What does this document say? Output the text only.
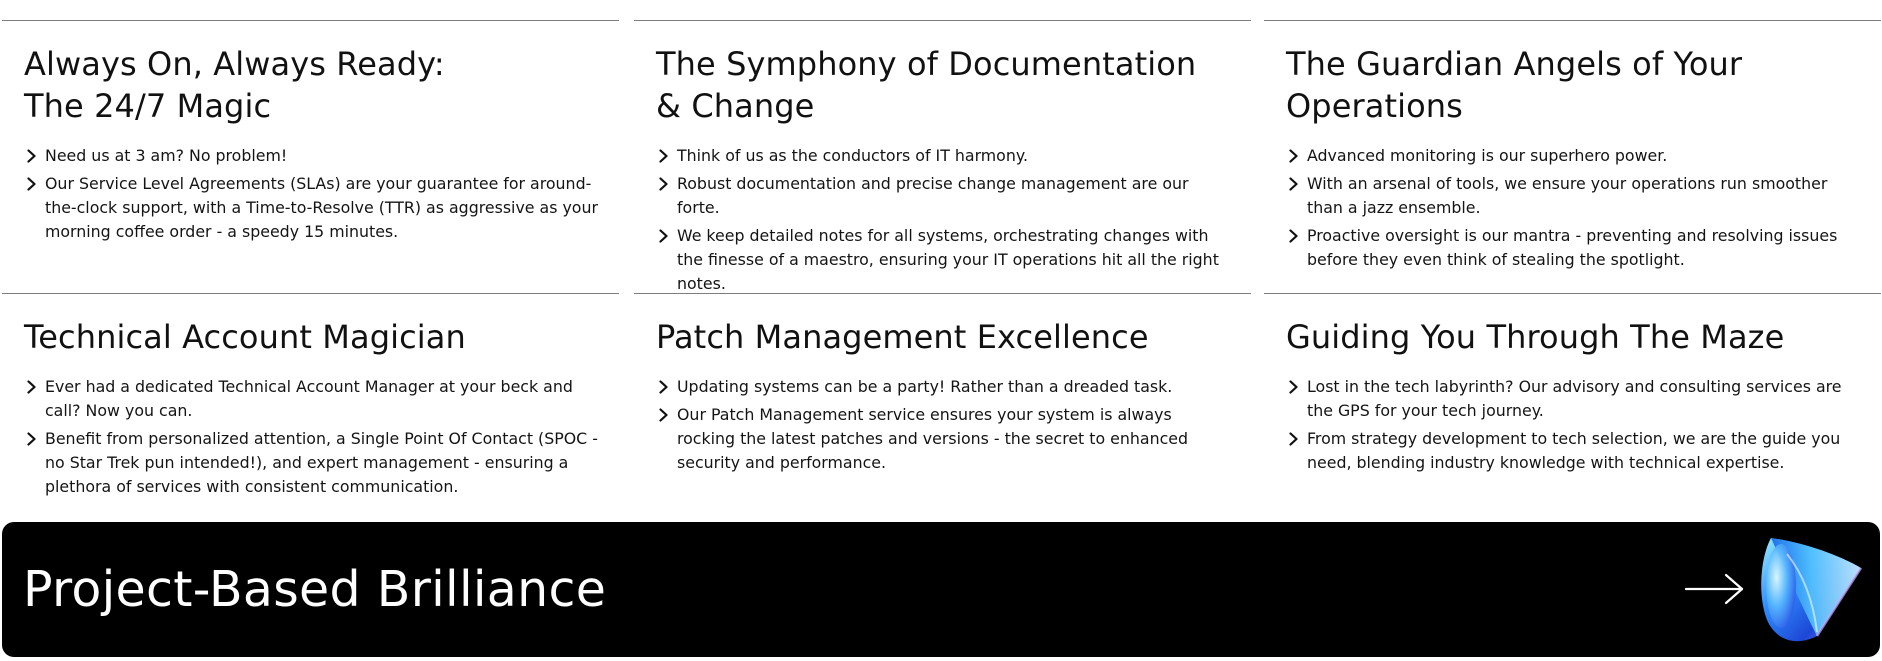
Always On, Always Ready:
The 24/7 Magic
Need us at 3 am? No problem!
Our Service Level Agreements (SLAs) are your guarantee for around-the-clock support, with a Time-to-Resolve (TTR) as aggressive as your morning coffee order - a speedy 15 minutes.
The Symphony of Documentation & Change
Think of us as the conductors of IT harmony.
Robust documentation and precise change management are our forte.
We keep detailed notes for all systems, orchestrating changes with the finesse of a maestro, ensuring your IT operations hit all the right notes.
The Guardian Angels of Your Operations
Advanced monitoring is our superhero power.
With an arsenal of tools, we ensure your operations run smoother than a jazz ensemble.
Proactive oversight is our mantra - preventing and resolving issues before they even think of stealing the spotlight.
Technical Account Magician
Ever had a dedicated Technical Account Manager at your beck and call? Now you can.
Benefit from personalized attention, a Single Point Of Contact (SPOC - no Star Trek pun intended!), and expert management - ensuring a plethora of services with consistent communication.
Patch Management Excellence
Updating systems can be a party! Rather than a dreaded task.
Our Patch Management service ensures your system is always rocking the latest patches and versions - the secret to enhanced security and performance.
Guiding You Through The Maze
Lost in the tech labyrinth? Our advisory and consulting services are the GPS for your tech journey.
From strategy development to tech selection, we are the guide you need, blending industry knowledge with technical expertise.
Project-Based Brilliance
